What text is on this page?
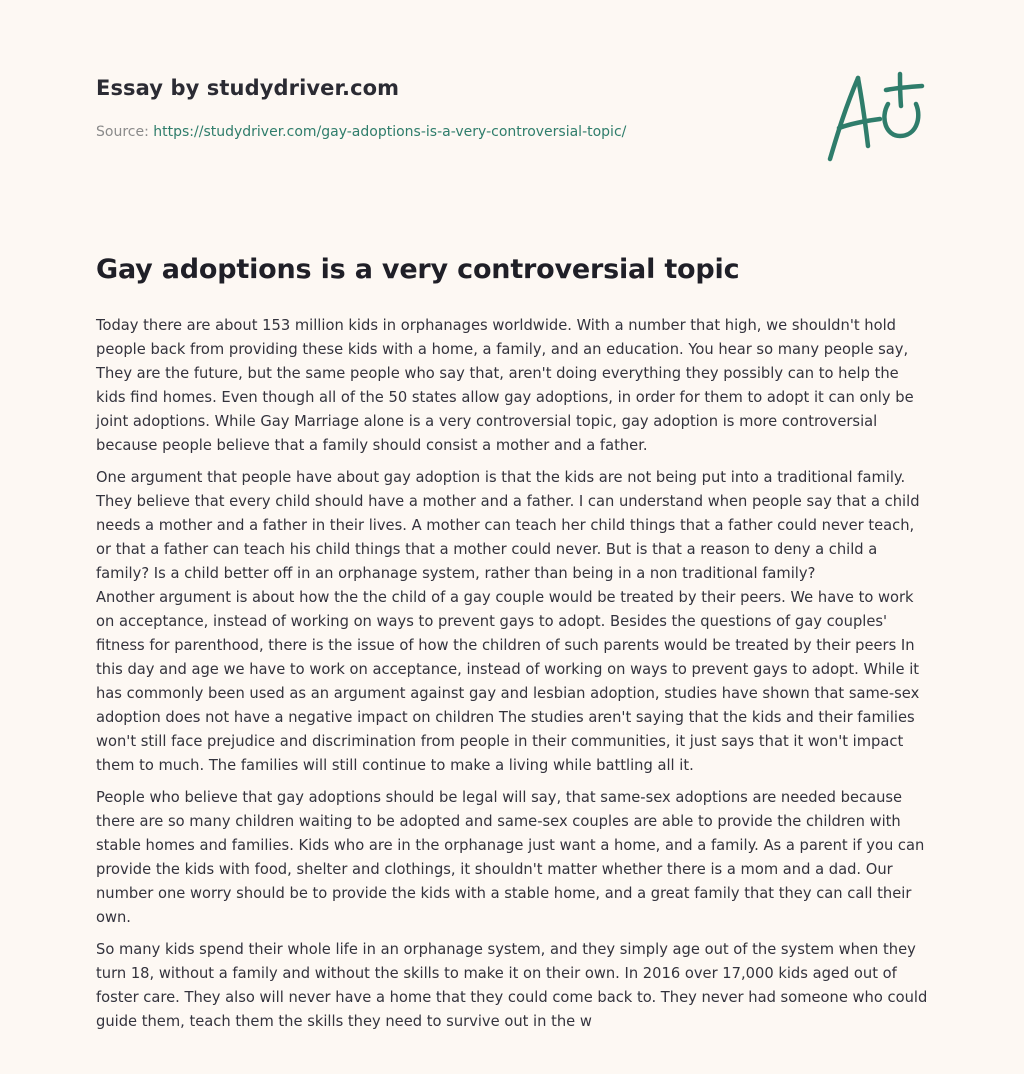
Essay by studydriver.com
Source: https://studydriver.com/gay-adoptions-is-a-very-controversial-topic/
Gay adoptions is a very controversial topic

Today there are about 153 million kids in orphanages worldwide. With a number that high, we shouldn't hold people back from providing these kids with a home, a family, and an education. You hear so many people say, They are the future, but the same people who say that, aren't doing everything they possibly can to help the kids find homes. Even though all of the 50 states allow gay adoptions, in order for them to adopt it can only be joint adoptions. While Gay Marriage alone is a very controversial topic, gay adoption is more controversial because people believe that a family should consist a mother and a father.

One argument that people have about gay adoption is that the kids are not being put into a traditional family. They believe that every child should have a mother and a father. I can understand when people say that a child needs a mother and a father in their lives. A mother can teach her child things that a father could never teach, or that a father can teach his child things that a mother could never. But is that a reason to deny a child a family? Is a child better off in an orphanage system, rather than being in a non traditional family?

Another argument is about how the the child of a gay couple would be treated by their peers. We have to work on acceptance, instead of working on ways to prevent gays to adopt. Besides the questions of gay couples' fitness for parenthood, there is the issue of how the children of such parents would be treated by their peers In this day and age we have to work on acceptance, instead of working on ways to prevent gays to adopt. While it has commonly been used as an argument against gay and lesbian adoption, studies have shown that same-sex adoption does not have a negative impact on children The studies aren't saying that the kids and their families won't still face prejudice and discrimination from people in their communities, it just says that it won't impact them to much. The families will still continue to make a living while battling all it.

People who believe that gay adoptions should be legal will say, that same-sex adoptions are needed because there are so many children waiting to be adopted and same-sex couples are able to provide the children with stable homes and families. Kids who are in the orphanage just want a home, and a family. As a parent if you can provide the kids with food, shelter and clothings, it shouldn't matter whether there is a mom and a dad. Our number one worry should be to provide the kids with a stable home, and a great family that they can call their own.

So many kids spend their whole life in an orphanage system, and they simply age out of the system when they turn 18, without a family and without the skills to make it on their own. In 2016 over 17,000 kids aged out of foster care. They also will never have a home that they could come back to. They never had someone who could guide them, teach them the skills they need to survive out in the w
